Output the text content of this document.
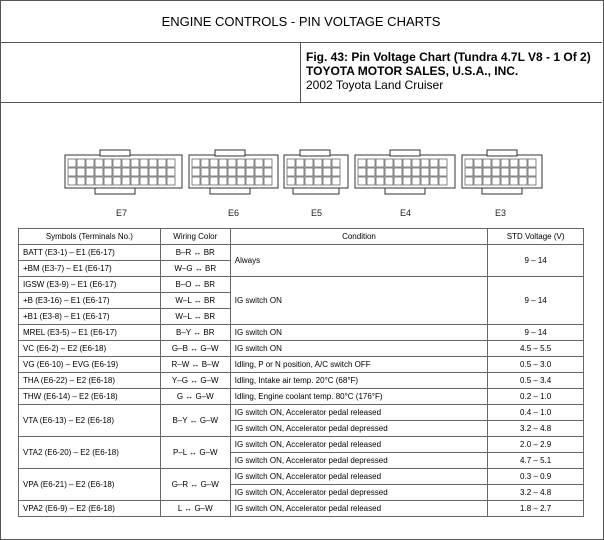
ENGINE CONTROLS - PIN VOLTAGE CHARTS
Fig. 43: Pin Voltage Chart (Tundra 4.7L V8 - 1 Of 2)
TOYOTA MOTOR SALES, U.S.A., INC.
2002 Toyota Land Cruiser
E7	E6	E5	E4	E3
Symbols (Terminals No.)	Wiring Color	Condition	STD Voltage (V)
BATT (E3-1) – E1 (E6-17)	B–R ↔ BR	Always	9 – 14
+BM (E3-7) – E1 (E6-17)	W–G ↔ BR		
IGSW (E3-9) – E1 (E6-17)	B–O ↔ BR	IG switch ON	9 – 14
+B (E3-16) – E1 (E6-17)	W–L ↔ BR		
+B1 (E3-8) – E1 (E6-17)	W–L ↔ BR		
MREL (E3-5) – E1 (E6-17)	B–Y ↔ BR	IG switch ON	9 – 14
VC (E6-2) – E2 (E6-18)	G–B ↔ G–W	IG switch ON	4.5 – 5.5
VG (E6-10) – EVG (E6-19)	R–W ↔ B–W	Idling, P or N position, A/C switch OFF	0.5 – 3.0
THA (E6-22) – E2 (E6-18)	Y–G ↔ G–W	Idling, Intake air temp. 20°C (68°F)	0.5 – 3.4
THW (E6-14) – E2 (E6-18)	G ↔ G–W	Idling, Engine coolant temp. 80°C (176°F)	0.2 – 1.0
VTA (E6-13) – E2 (E6-18)	B–Y ↔ G–W	IG switch ON, Accelerator pedal released	0.4 – 1.0
		IG switch ON, Accelerator pedal depressed	3.2 – 4.8
VTA2 (E6-20) – E2 (E6-18)	P–L ↔ G–W	IG switch ON, Accelerator pedal released	2.0 – 2.9
		IG switch ON, Accelerator pedal depressed	4.7 – 5.1
VPA (E6-21) – E2 (E6-18)	G–R ↔ G–W	IG switch ON, Accelerator pedal released	0.3 – 0.9
		IG switch ON, Accelerator pedal depressed	3.2 – 4.8
VPA2 (E6-9) – E2 (E6-18)	L ↔ G–W	IG switch ON, Accelerator pedal released	1.8 – 2.7
